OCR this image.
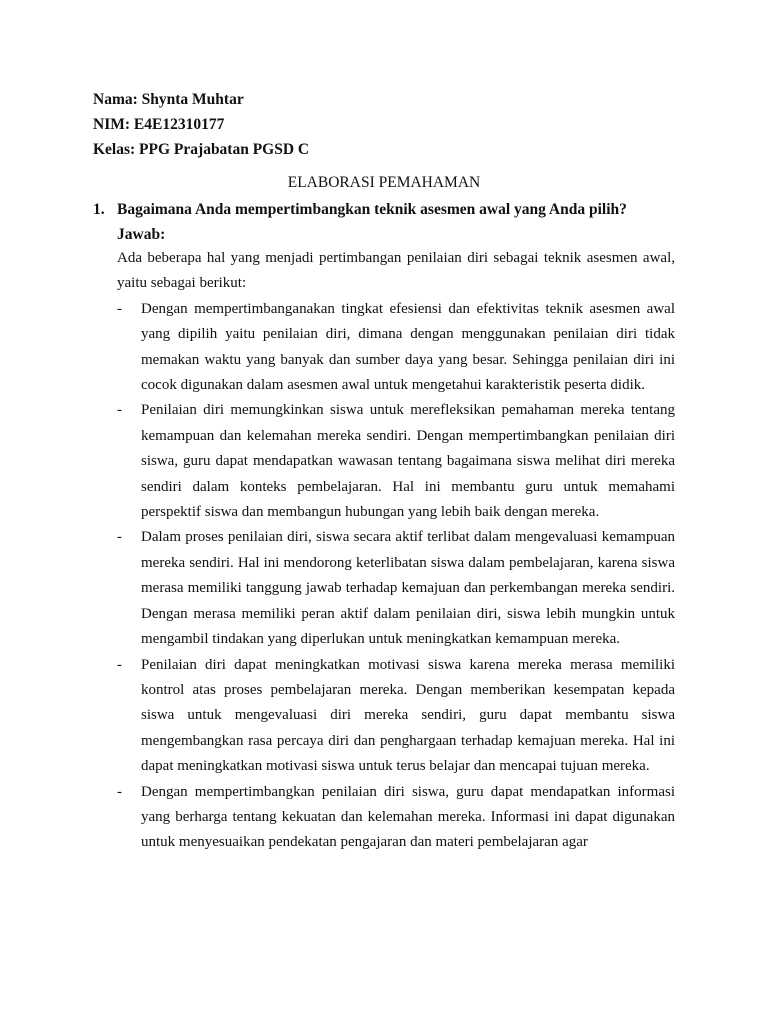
Nama: Shynta Muhtar
NIM: E4E12310177
Kelas: PPG Prajabatan PGSD C
ELABORASI PEMAHAMAN
1. Bagaimana Anda mempertimbangkan teknik asesmen awal yang Anda pilih?
Jawab:

Ada beberapa hal yang menjadi pertimbangan penilaian diri sebagai teknik asesmen awal, yaitu sebagai berikut:

- Dengan mempertimbanganakan tingkat efesiensi dan efektivitas teknik asesmen awal yang dipilih yaitu penilaian diri, dimana dengan menggunakan penilaian diri tidak memakan waktu yang banyak dan sumber daya yang besar. Sehingga penilaian diri ini cocok digunakan dalam asesmen awal untuk mengetahui karakteristik peserta didik.
- Penilaian diri memungkinkan siswa untuk merefleksikan pemahaman mereka tentang kemampuan dan kelemahan mereka sendiri. Dengan mempertimbangkan penilaian diri siswa, guru dapat mendapatkan wawasan tentang bagaimana siswa melihat diri mereka sendiri dalam konteks pembelajaran. Hal ini membantu guru untuk memahami perspektif siswa dan membangun hubungan yang lebih baik dengan mereka.
- Dalam proses penilaian diri, siswa secara aktif terlibat dalam mengevaluasi kemampuan mereka sendiri. Hal ini mendorong keterlibatan siswa dalam pembelajaran, karena siswa merasa memiliki tanggung jawab terhadap kemajuan dan perkembangan mereka sendiri. Dengan merasa memiliki peran aktif dalam penilaian diri, siswa lebih mungkin untuk mengambil tindakan yang diperlukan untuk meningkatkan kemampuan mereka.
- Penilaian diri dapat meningkatkan motivasi siswa karena mereka merasa memiliki kontrol atas proses pembelajaran mereka. Dengan memberikan kesempatan kepada siswa untuk mengevaluasi diri mereka sendiri, guru dapat membantu siswa mengembangkan rasa percaya diri dan penghargaan terhadap kemajuan mereka. Hal ini dapat meningkatkan motivasi siswa untuk terus belajar dan mencapai tujuan mereka.
- Dengan mempertimbangkan penilaian diri siswa, guru dapat mendapatkan informasi yang berharga tentang kekuatan dan kelemahan mereka. Informasi ini dapat digunakan untuk menyesuaikan pendekatan pengajaran dan materi pembelajaran agar
